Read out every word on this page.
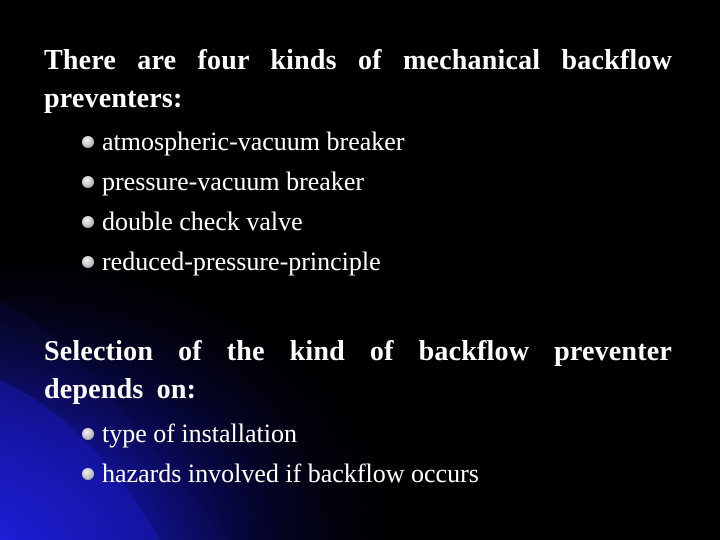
There are four kinds of mechanical backflow preventers:

atmospheric-vacuum breaker
pressure-vacuum breaker
double check valve
reduced-pressure-principle

Selection of the kind of backflow preventer depends on:

type of installation
hazards involved if backflow occurs
